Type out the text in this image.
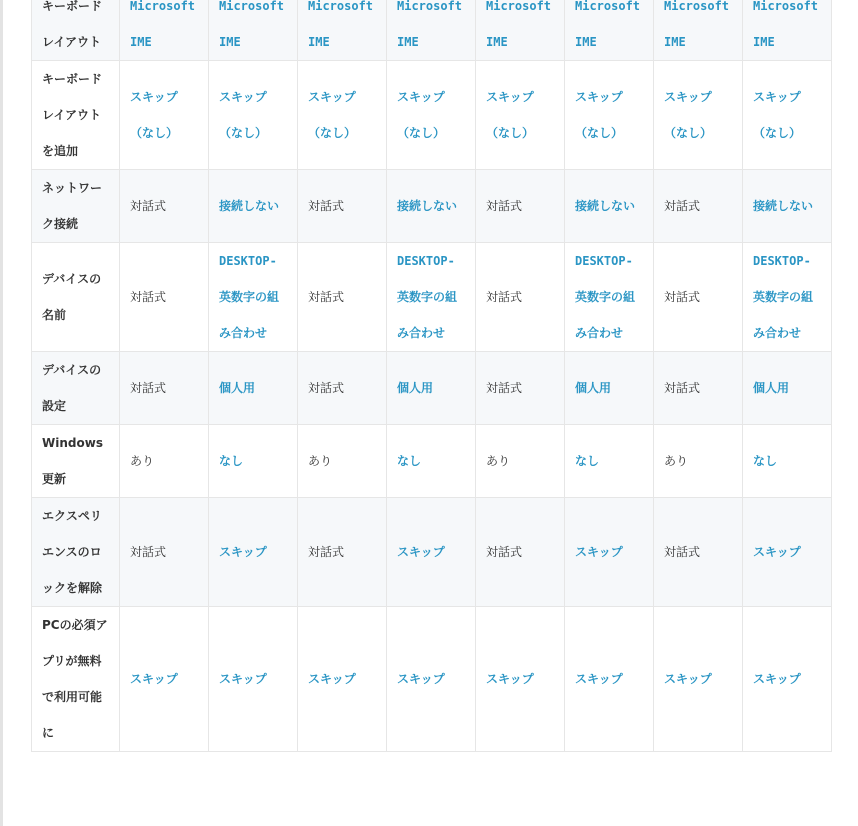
キーボードレイアウト	Microsoft IME	Microsoft IME	Microsoft IME	Microsoft IME	Microsoft IME	Microsoft IME	Microsoft IME	Microsoft IME
キーボードレイアウトを追加	スキップ（なし）	スキップ（なし）	スキップ（なし）	スキップ（なし）	スキップ（なし）	スキップ（なし）	スキップ（なし）	スキップ（なし）
ネットワーク接続	対話式	接続しない	対話式	接続しない	対話式	接続しない	対話式	接続しない
デバイスの名前	対話式	DESKTOP-英数字の組み合わせ	対話式	DESKTOP-英数字の組み合わせ	対話式	DESKTOP-英数字の組み合わせ	対話式	DESKTOP-英数字の組み合わせ
デバイスの設定	対話式	個人用	対話式	個人用	対話式	個人用	対話式	個人用
Windows更新	あり	なし	あり	なし	あり	なし	あり	なし
エクスペリエンスのロックを解除	対話式	スキップ	対話式	スキップ	対話式	スキップ	対話式	スキップ
PCの必須アプリが無料で利用可能に	スキップ	スキップ	スキップ	スキップ	スキップ	スキップ	スキップ	スキップ
